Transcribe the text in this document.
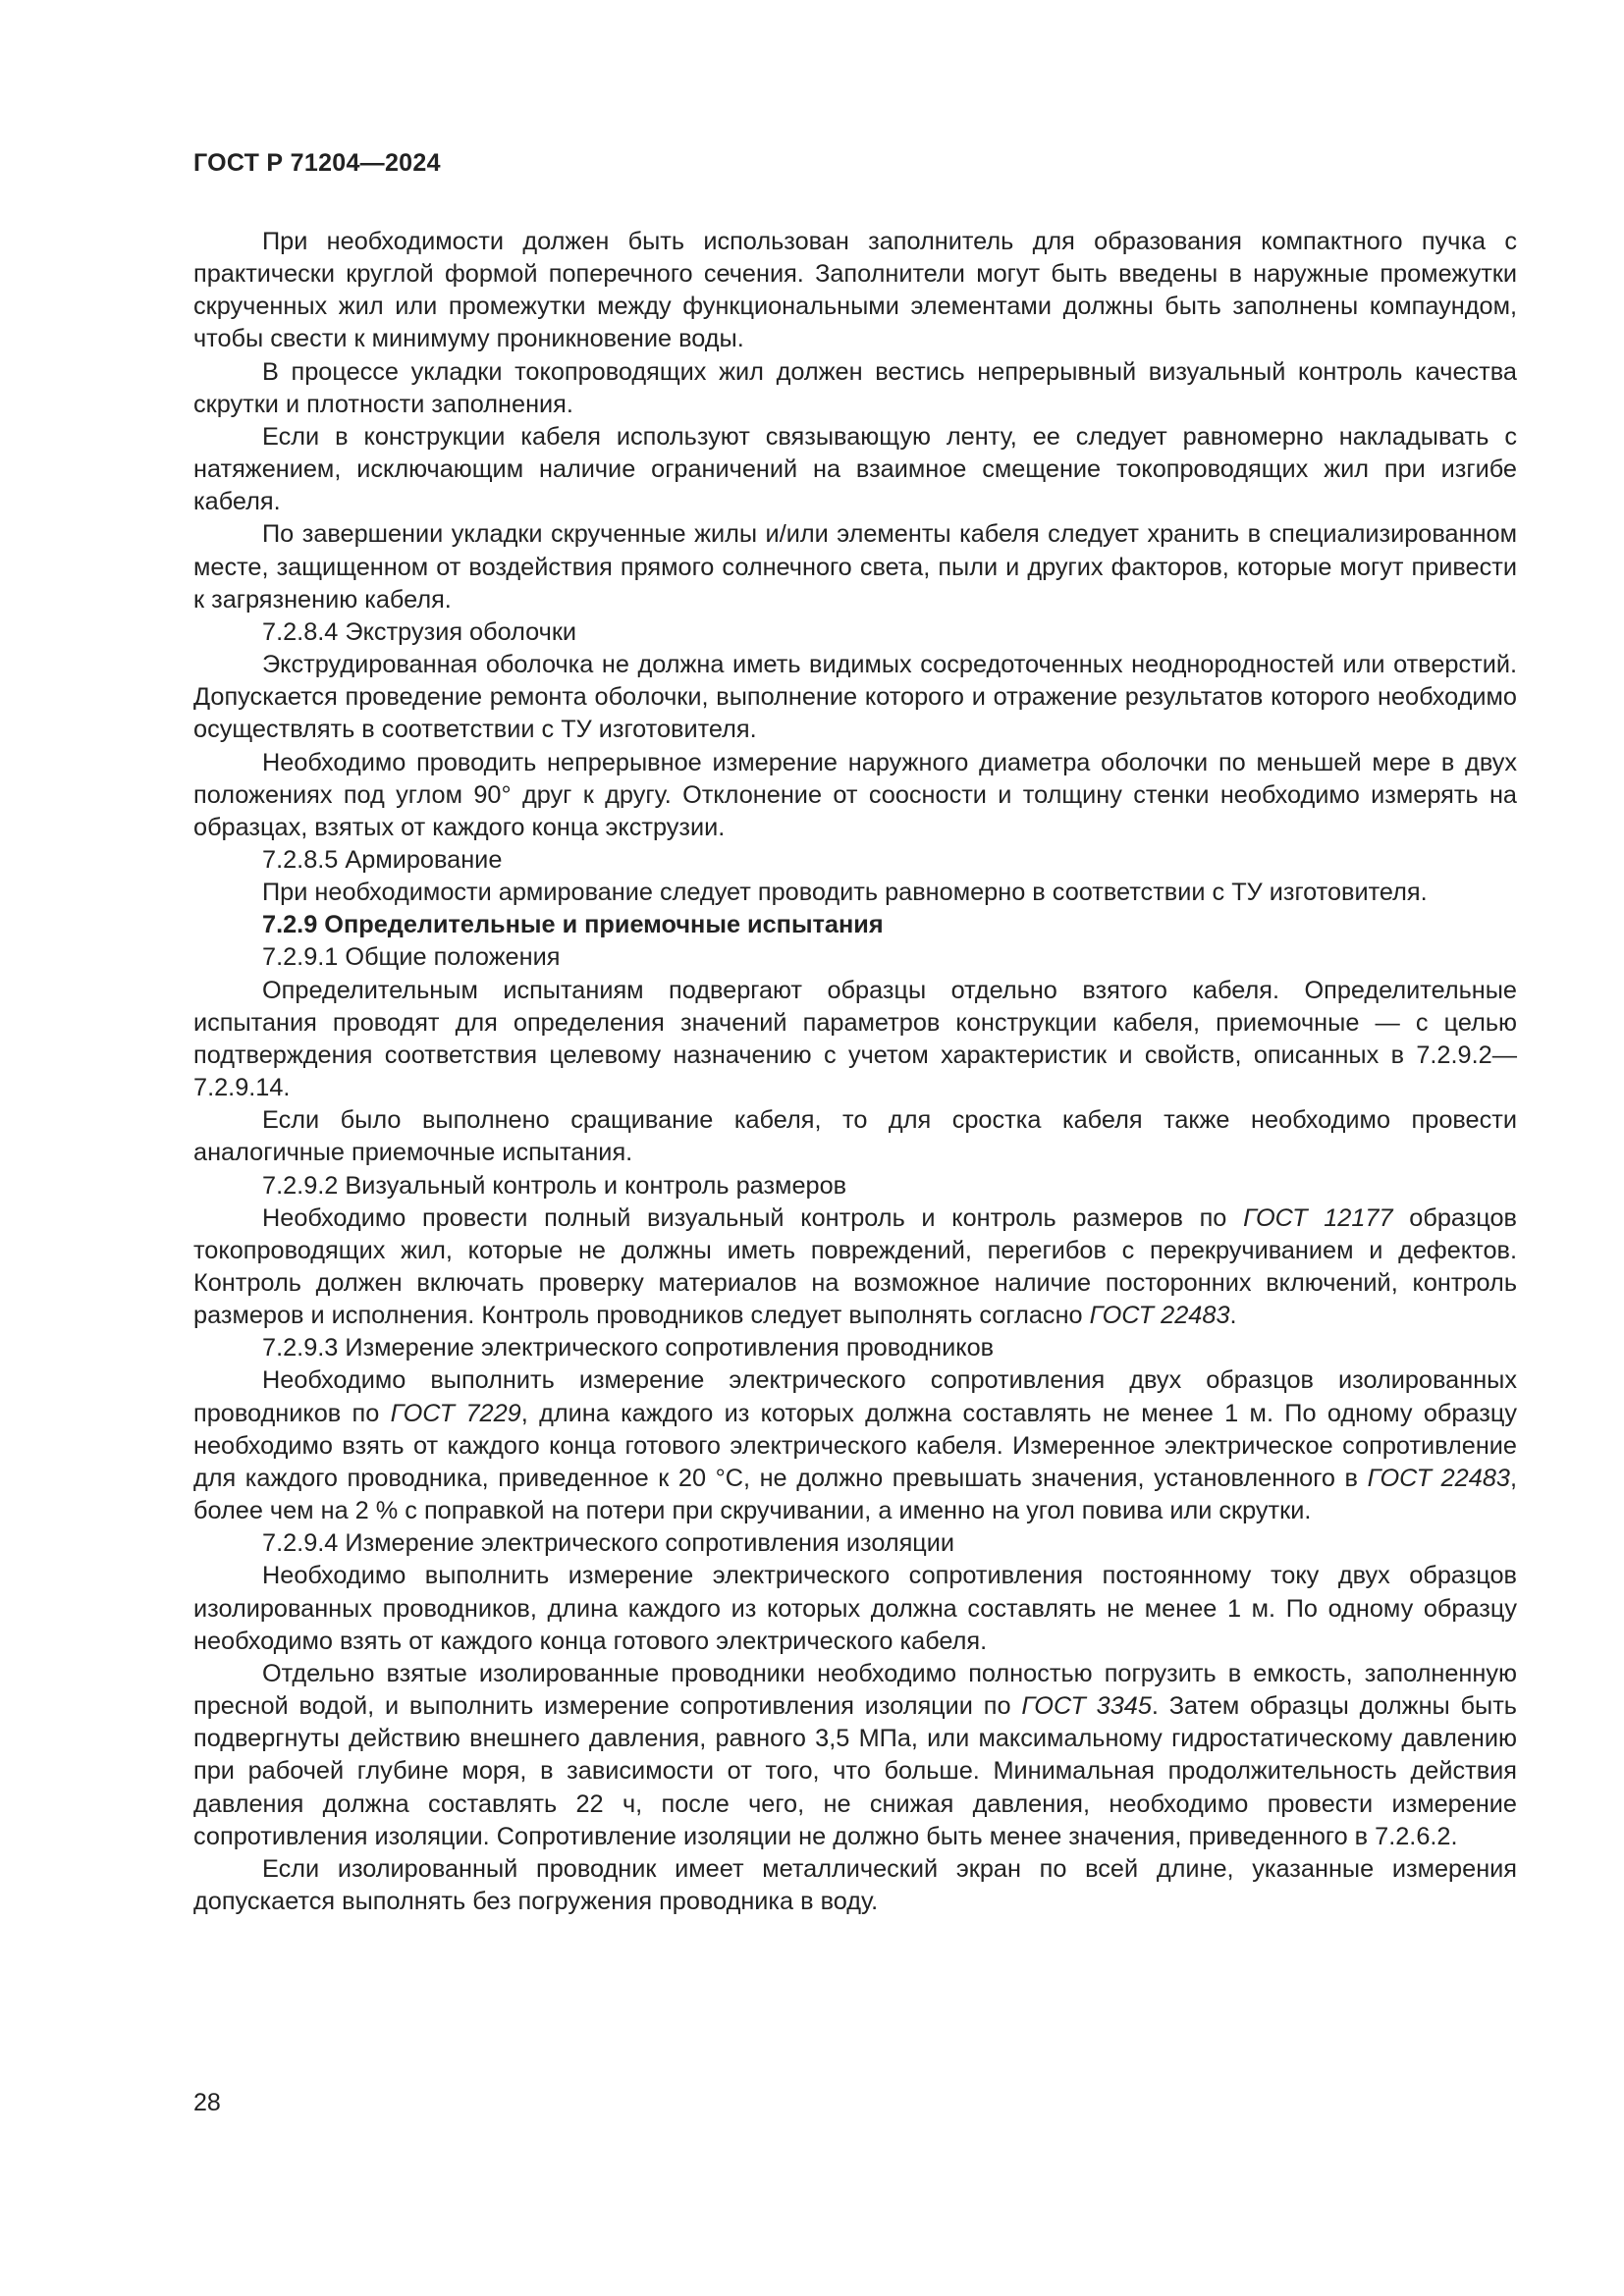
ГОСТ Р 71204—2024

При необходимости должен быть использован заполнитель для образования компактного пучка с практически круглой формой поперечного сечения. Заполнители могут быть введены в наружные промежутки скрученных жил или промежутки между функциональными элементами должны быть заполнены компаундом, чтобы свести к минимуму проникновение воды.

В процессе укладки токопроводящих жил должен вестись непрерывный визуальный контроль качества скрутки и плотности заполнения.

Если в конструкции кабеля используют связывающую ленту, ее следует равномерно накладывать с натяжением, исключающим наличие ограничений на взаимное смещение токопроводящих жил при изгибе кабеля.

По завершении укладки скрученные жилы и/или элементы кабеля следует хранить в специализированном месте, защищенном от воздействия прямого солнечного света, пыли и других факторов, которые могут привести к загрязнению кабеля.

7.2.8.4 Экструзия оболочки

Экструдированная оболочка не должна иметь видимых сосредоточенных неоднородностей или отверстий. Допускается проведение ремонта оболочки, выполнение которого и отражение результатов которого необходимо осуществлять в соответствии с ТУ изготовителя.

Необходимо проводить непрерывное измерение наружного диаметра оболочки по меньшей мере в двух положениях под углом 90° друг к другу. Отклонение от соосности и толщину стенки необходимо измерять на образцах, взятых от каждого конца экструзии.

7.2.8.5 Армирование

При необходимости армирование следует проводить равномерно в соответствии с ТУ изготовителя.

7.2.9 Определительные и приемочные испытания

7.2.9.1 Общие положения

Определительным испытаниям подвергают образцы отдельно взятого кабеля. Определительные испытания проводят для определения значений параметров конструкции кабеля, приемочные — с целью подтверждения соответствия целевому назначению с учетом характеристик и свойств, описанных в 7.2.9.2—7.2.9.14.

Если было выполнено сращивание кабеля, то для сростка кабеля также необходимо провести аналогичные приемочные испытания.

7.2.9.2 Визуальный контроль и контроль размеров

Необходимо провести полный визуальный контроль и контроль размеров по ГОСТ 12177 образцов токопроводящих жил, которые не должны иметь повреждений, перегибов с перекручиванием и дефектов. Контроль должен включать проверку материалов на возможное наличие посторонних включений, контроль размеров и исполнения. Контроль проводников следует выполнять согласно ГОСТ 22483.

7.2.9.3 Измерение электрического сопротивления проводников

Необходимо выполнить измерение электрического сопротивления двух образцов изолированных проводников по ГОСТ 7229, длина каждого из которых должна составлять не менее 1 м. По одному образцу необходимо взять от каждого конца готового электрического кабеля. Измеренное электрическое сопротивление для каждого проводника, приведенное к 20 °С, не должно превышать значения, установленного в ГОСТ 22483, более чем на 2 % с поправкой на потери при скручивании, а именно на угол повива или скрутки.

7.2.9.4 Измерение электрического сопротивления изоляции

Необходимо выполнить измерение электрического сопротивления постоянному току двух образцов изолированных проводников, длина каждого из которых должна составлять не менее 1 м. По одному образцу необходимо взять от каждого конца готового электрического кабеля.

Отдельно взятые изолированные проводники необходимо полностью погрузить в емкость, заполненную пресной водой, и выполнить измерение сопротивления изоляции по ГОСТ 3345. Затем образцы должны быть подвергнуты действию внешнего давления, равного 3,5 МПа, или максимальному гидростатическому давлению при рабочей глубине моря, в зависимости от того, что больше. Минимальная продолжительность действия давления должна составлять 22 ч, после чего, не снижая давления, необходимо провести измерение сопротивления изоляции. Сопротивление изоляции не должно быть менее значения, приведенного в 7.2.6.2.

Если изолированный проводник имеет металлический экран по всей длине, указанные измерения допускается выполнять без погружения проводника в воду.

28
